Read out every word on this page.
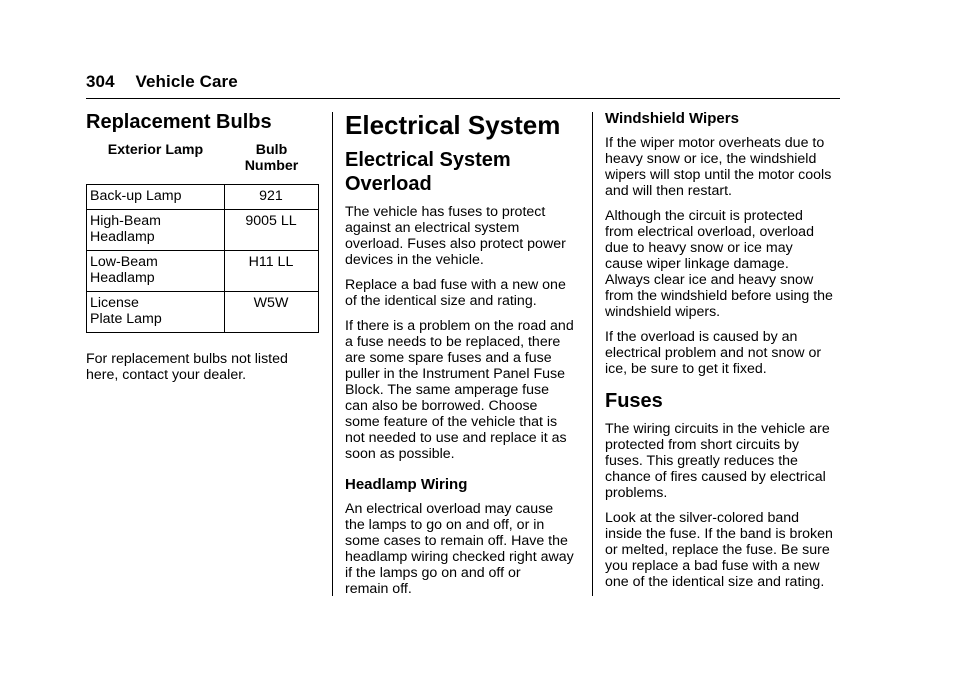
304 Vehicle Care
Replacement Bulbs
Exterior Lamp	Bulb
Number
Back-up Lamp	921
High-Beam
Headlamp	9005 LL
Low-Beam
Headlamp	H11 LL
License
Plate Lamp	W5W

For replacement bulbs not listed
here, contact your dealer.

Electrical System
Electrical System
Overload

The vehicle has fuses to protect
against an electrical system
overload. Fuses also protect power
devices in the vehicle.

Replace a bad fuse with a new one
of the identical size and rating.

If there is a problem on the road and
a fuse needs to be replaced, there
are some spare fuses and a fuse
puller in the Instrument Panel Fuse
Block. The same amperage fuse
can also be borrowed. Choose
some feature of the vehicle that is
not needed to use and replace it as
soon as possible.

Headlamp Wiring

An electrical overload may cause
the lamps to go on and off, or in
some cases to remain off. Have the
headlamp wiring checked right away
if the lamps go on and off or
remain off.

Windshield Wipers

If the wiper motor overheats due to
heavy snow or ice, the windshield
wipers will stop until the motor cools
and will then restart.

Although the circuit is protected
from electrical overload, overload
due to heavy snow or ice may
cause wiper linkage damage.
Always clear ice and heavy snow
from the windshield before using the
windshield wipers.

If the overload is caused by an
electrical problem and not snow or
ice, be sure to get it fixed.

Fuses

The wiring circuits in the vehicle are
protected from short circuits by
fuses. This greatly reduces the
chance of fires caused by electrical
problems.

Look at the silver-colored band
inside the fuse. If the band is broken
or melted, replace the fuse. Be sure
you replace a bad fuse with a new
one of the identical size and rating.
